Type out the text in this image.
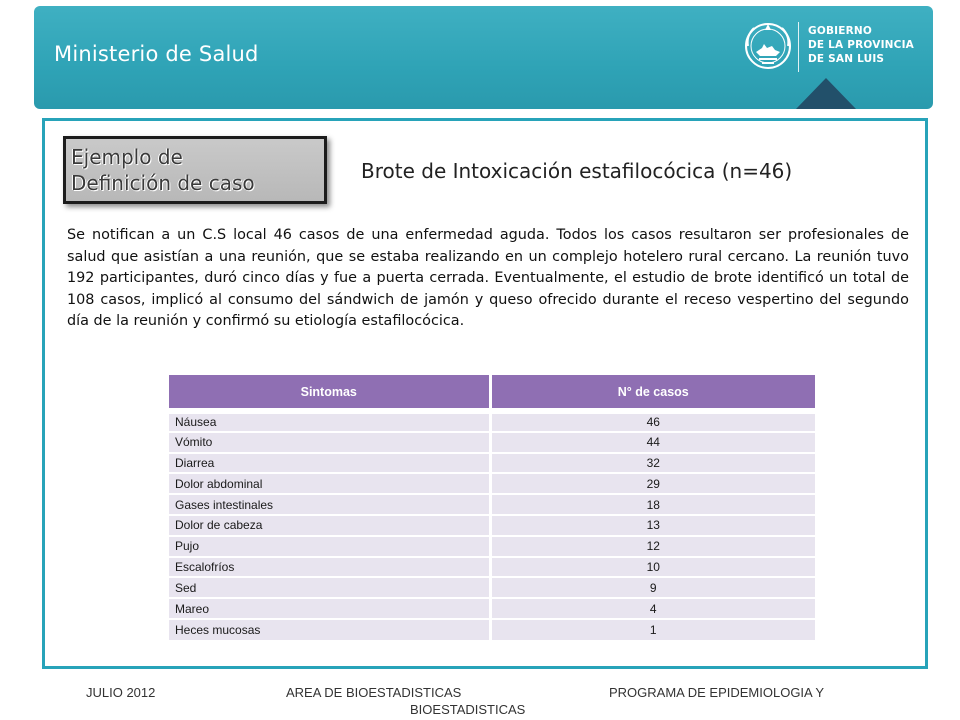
Ministerio de Salud
GOBIERNO
DE LA PROVINCIA
DE SAN LUIS
Ejemplo de
Definición de caso	Brote de Intoxicación estafilocócica (n=46)
Se notifican a un C.S local 46 casos de una enfermedad aguda. Todos los casos resultaron ser profesionales de salud que asistían a una reunión, que se estaba realizando en un complejo hotelero rural cercano. La reunión tuvo 192 participantes, duró cinco días y fue a puerta cerrada. Eventualmente, el estudio de brote identificó un total de 108 casos, implicó al consumo del sándwich de jamón y queso ofrecido durante el receso vespertino del segundo día de la reunión y confirmó su etiología estafilocócica.
Sintomas	N° de casos
Náusea	46
Vómito	44
Diarrea	32
Dolor abdominal	29
Gases intestinales	18
Dolor de cabeza	13
Pujo	12
Escalofríos	10
Sed	9
Mareo	4
Heces mucosas	1
JULIO 2012	AREA DE BIOESTADISTICAS	PROGRAMA DE EPIDEMIOLOGIA Y
BIOESTADISTICAS
